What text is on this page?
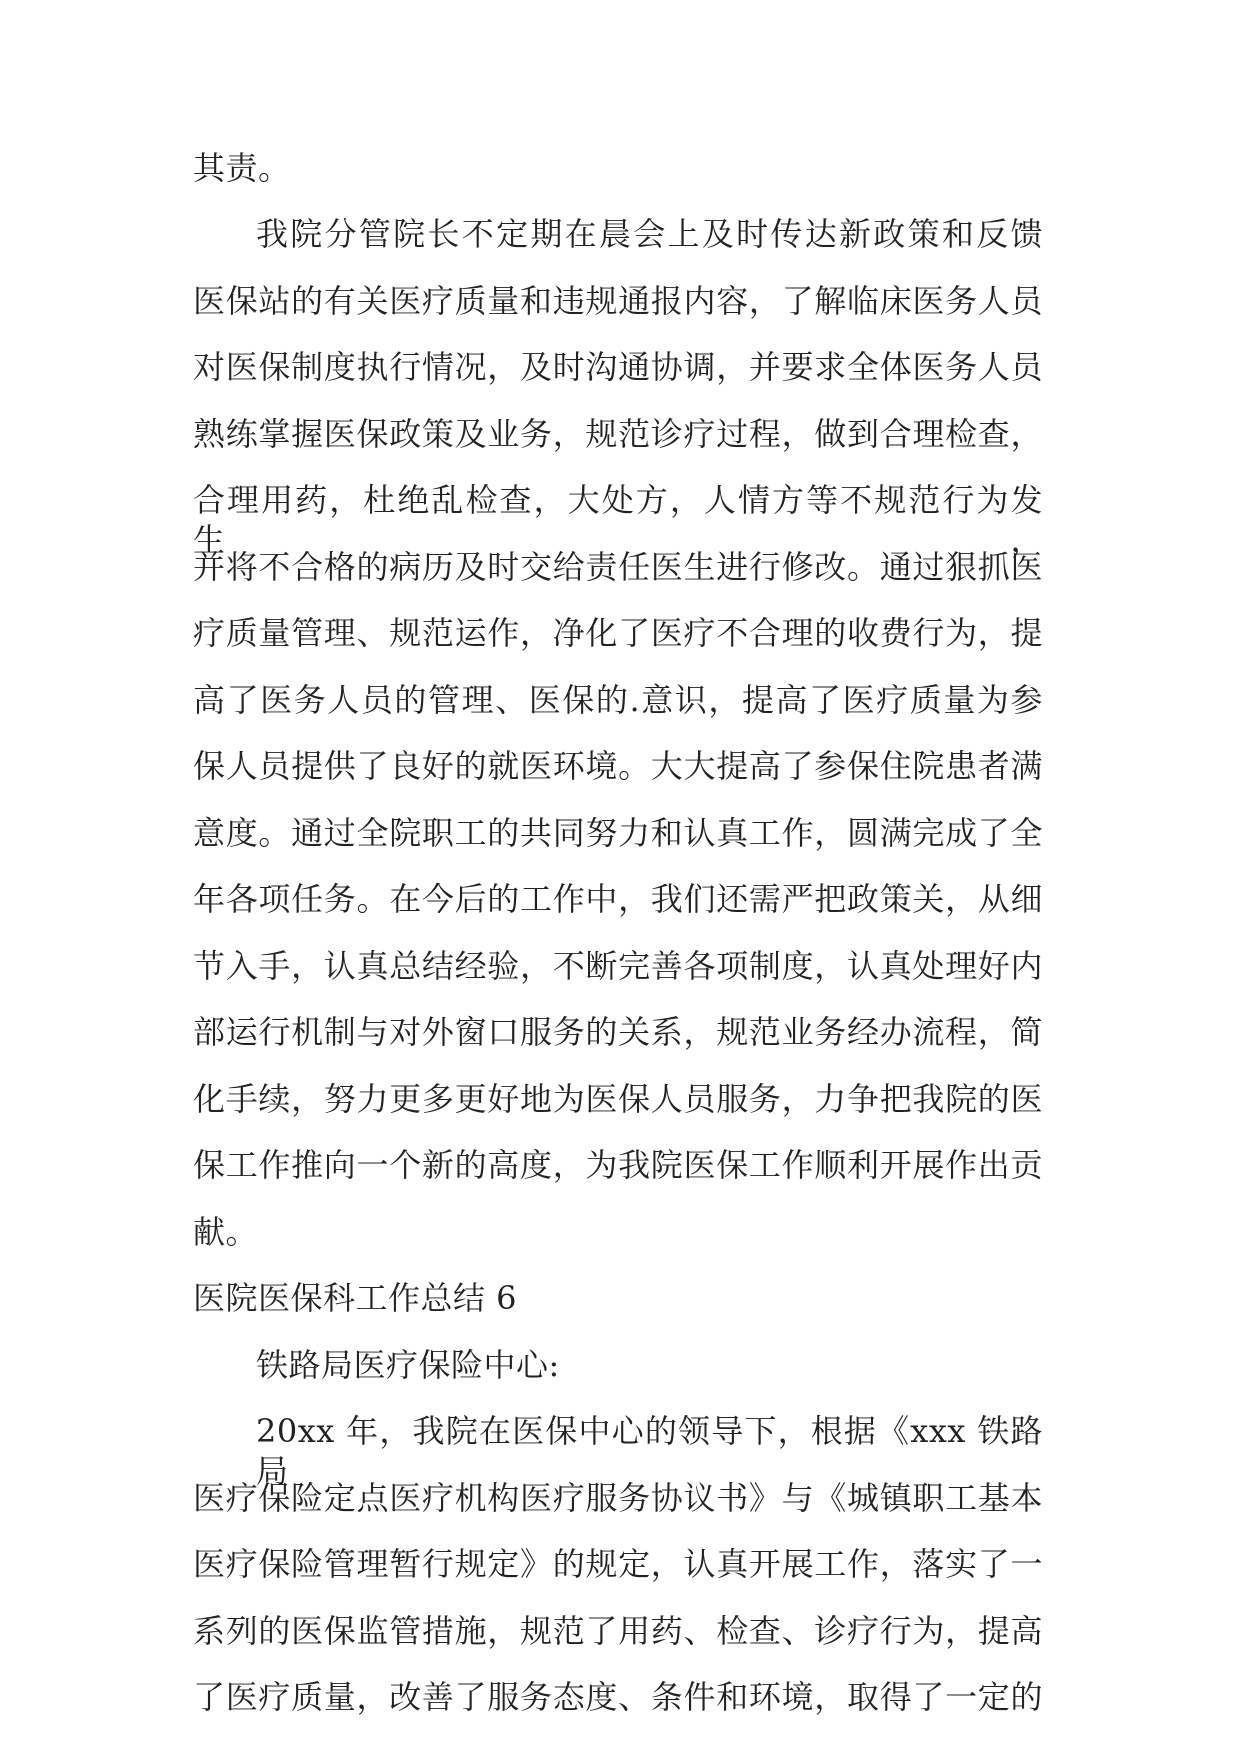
其责。
我院分管院长不定期在晨会上及时传达新政策和反馈
医保站的有关医疗质量和违规通报内容，了解临床医务人员
对医保制度执行情况，及时沟通协调，并要求全体医务人员
熟练掌握医保政策及业务，规范诊疗过程，做到合理检查，
合理用药，杜绝乱检查，大处方，人情方等不规范行为发生，
并将不合格的病历及时交给责任医生进行修改。通过狠抓医
疗质量管理、规范运作，净化了医疗不合理的收费行为，提
高了医务人员的管理、医保的.意识，提高了医疗质量为参
保人员提供了良好的就医环境。大大提高了参保住院患者满
意度。通过全院职工的共同努力和认真工作，圆满完成了全
年各项任务。在今后的工作中，我们还需严把政策关，从细
节入手，认真总结经验，不断完善各项制度，认真处理好内
部运行机制与对外窗口服务的关系，规范业务经办流程，简
化手续，努力更多更好地为医保人员服务，力争把我院的医
保工作推向一个新的高度，为我院医保工作顺利开展作出贡
献。
医院医保科工作总结 6
铁路局医疗保险中心:
20xx 年，我院在医保中心的领导下，根据《xxx 铁路局
医疗保险定点医疗机构医疗服务协议书》与《城镇职工基本
医疗保险管理暂行规定》的规定，认真开展工作，落实了一
系列的医保监管措施，规范了用药、检查、诊疗行为，提高
了医疗质量，改善了服务态度、条件和环境，取得了一定的
